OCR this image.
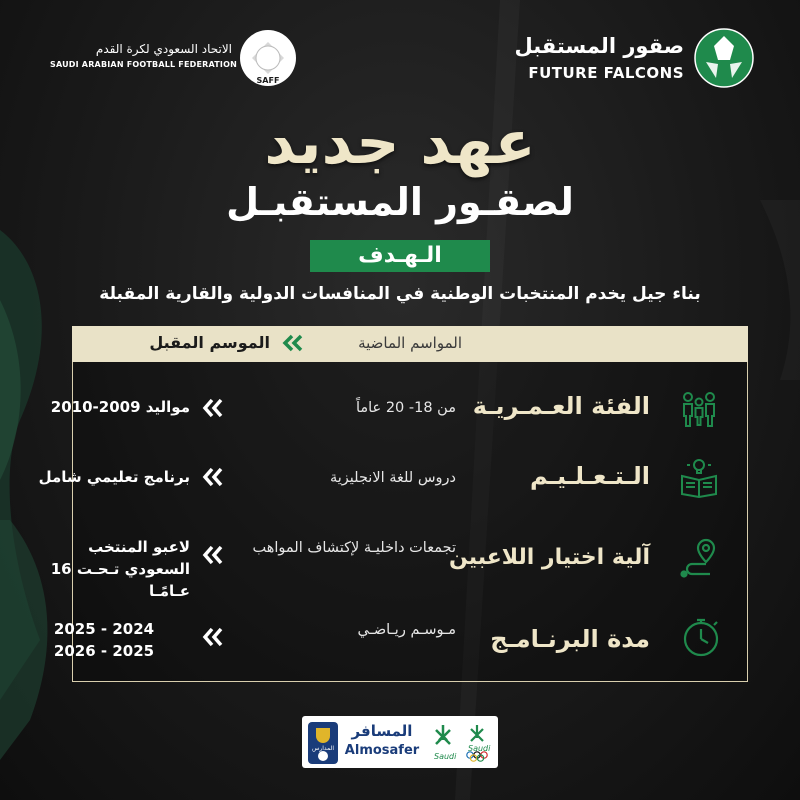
صقور المستقبل
FUTURE FALCONS
الاتحاد السعودي لكرة القدم
SAUDI ARABIAN FOOTBALL FEDERATION
SAFF
عهد جديد
لصقـور المستقبـل
الـهـدف
بناء جيل يخدم المنتخبات الوطنية في المنافسات الدولية والقارية المقبلة
الموسم المقبل	المواسم الماضية
الفئة العـمـريـة
من 18- 20 عاماً
مواليد 2009-2010
الـتـعـلـيـم
دروس للغة الانجليزية
برنامج تعليمي شامل
آلية اختيار اللاعبين
تجمعات داخليـة لإكتشاف المواهب
لاعبو المنتخب السعودي تـحـت 16 عـامًـا
مدة البرنـامـج
مـوسـم ريـاضـي
2025 - 2024
2026 - 2025
المدارس
المسافر
Almosafer	Saudi
Saudi
